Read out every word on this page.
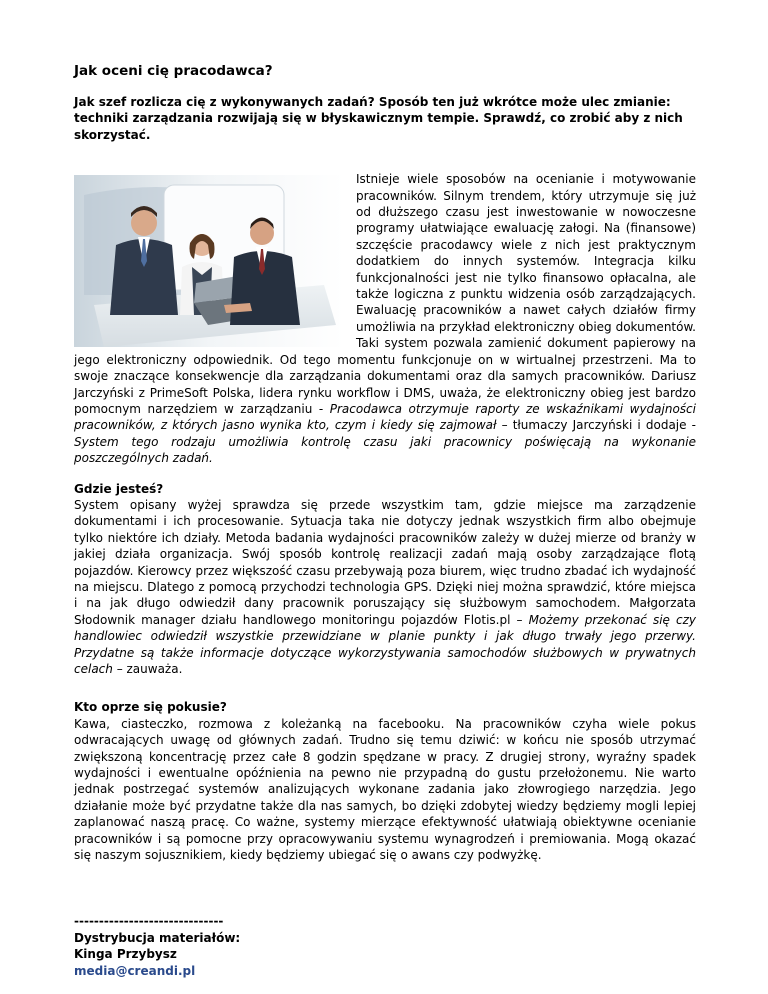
Jak oceni cię pracodawca?

Jak szef rozlicza cię z wykonywanych zadań? Sposób ten już wkrótce może ulec zmianie: techniki zarządzania rozwijają się w błyskawicznym tempie. Sprawdź, co zrobić aby z nich skorzystać.

Istnieje wiele sposobów na ocenianie i motywowanie pracowników. Silnym trendem, który utrzymuje się już od dłuższego czasu jest inwestowanie w nowoczesne programy ułatwiające ewaluację załogi. Na (finansowe) szczęście pracodawcy wiele z nich jest praktycznym dodatkiem do innych systemów. Integracja kilku funkcjonalności jest nie tylko finansowo opłacalna, ale także logiczna z punktu widzenia osób zarządzających. Ewaluację pracowników a nawet całych działów firmy umożliwia na przykład elektroniczny obieg dokumentów. Taki system pozwala zamienić dokument papierowy na jego elektroniczny odpowiednik. Od tego momentu funkcjonuje on w wirtualnej przestrzeni. Ma to swoje znaczące konsekwencje dla zarządzania dokumentami oraz dla samych pracowników. Dariusz Jarczyński z PrimeSoft Polska, lidera rynku workflow i DMS, uważa, że elektroniczny obieg jest bardzo pomocnym narzędziem w zarządzaniu - Pracodawca otrzymuje raporty ze wskaźnikami wydajności pracowników, z których jasno wynika kto, czym i kiedy się zajmował – tłumaczy Jarczyński i dodaje - System tego rodzaju umożliwia kontrolę czasu jaki pracownicy poświęcają na wykonanie poszczególnych zadań.

Gdzie jesteś?

System opisany wyżej sprawdza się przede wszystkim tam, gdzie miejsce ma zarządzenie dokumentami i ich procesowanie. Sytuacja taka nie dotyczy jednak wszystkich firm albo obejmuje tylko niektóre ich działy. Metoda badania wydajności pracowników zależy w dużej mierze od branży w jakiej działa organizacja. Swój sposób kontrolę realizacji zadań mają osoby zarządzające flotą pojazdów. Kierowcy przez większość czasu przebywają poza biurem, więc trudno zbadać ich wydajność na miejscu. Dlatego z pomocą przychodzi technologia GPS. Dzięki niej można sprawdzić, które miejsca i na jak długo odwiedził dany pracownik poruszający się służbowym samochodem. Małgorzata Słodownik manager działu handlowego monitoringu pojazdów Flotis.pl – Możemy przekonać się czy handlowiec odwiedził wszystkie przewidziane w planie punkty i jak długo trwały jego przerwy. Przydatne są także informacje dotyczące wykorzystywania samochodów służbowych w prywatnych celach – zauważa.

Kto oprze się pokusie?

Kawa, ciasteczko, rozmowa z koleżanką na facebooku. Na pracowników czyha wiele pokus odwracających uwagę od głównych zadań. Trudno się temu dziwić: w końcu nie sposób utrzymać zwiększoną koncentrację przez całe 8 godzin spędzane w pracy. Z drugiej strony, wyraźny spadek wydajności i ewentualne opóźnienia na pewno nie przypadną do gustu przełożonemu. Nie warto jednak postrzegać systemów analizujących wykonane zadania jako złowrogiego narzędzia. Jego działanie może być przydatne także dla nas samych, bo dzięki zdobytej wiedzy będziemy mogli lepiej zaplanować naszą pracę. Co ważne, systemy mierzące efektywność ułatwiają obiektywne ocenianie pracowników i są pomocne przy opracowywaniu systemu wynagrodzeń i premiowania. Mogą okazać się naszym sojusznikiem, kiedy będziemy ubiegać się o awans czy podwyżkę.

------------------------------
Dystrybucja materiałów:
Kinga Przybysz
media@creandi.pl
